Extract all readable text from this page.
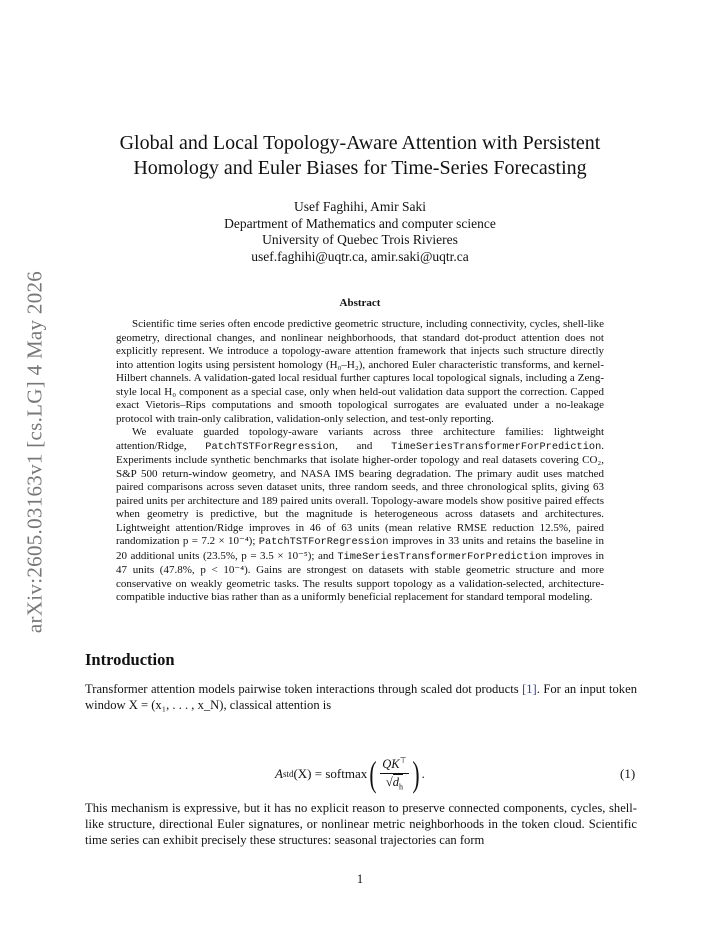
arXiv:2605.03163v1 [cs.LG] 4 May 2026
Global and Local Topology-Aware Attention with Persistent
Homology and Euler Biases for Time-Series Forecasting
Usef Faghihi, Amir Saki
Department of Mathematics and computer science
University of Quebec Trois Rivieres
usef.faghihi@uqtr.ca, amir.saki@uqtr.ca
Abstract

Scientific time series often encode predictive geometric structure, including connectivity, cycles, shell-like geometry, directional changes, and nonlinear neighborhoods, that standard dot-product attention does not explicitly represent. We introduce a topology-aware attention framework that injects such structure directly into attention logits using persistent homology (H₀–H₂), anchored Euler characteristic transforms, and kernel-Hilbert channels. A validation-gated local residual further captures local topological signals, including a Zeng-style local H₀ component as a special case, only when held-out validation data support the correction. Capped exact Vietoris–Rips computations and smooth topological surrogates are evaluated under a no-leakage protocol with train-only calibration, validation-only selection, and test-only reporting.

We evaluate guarded topology-aware variants across three architecture families: lightweight attention/Ridge, PatchTSTForRegression, and TimeSeriesTransformerForPrediction. Experiments include synthetic benchmarks that isolate higher-order topology and real datasets covering CO₂, S&P 500 return-window geometry, and NASA IMS bearing degradation. The primary audit uses matched paired comparisons across seven dataset units, three random seeds, and three chronological splits, giving 63 paired units per architecture and 189 paired units overall. Topology-aware models show positive paired effects when geometry is predictive, but the magnitude is heterogeneous across datasets and architectures. Lightweight attention/Ridge improves in 46 of 63 units (mean relative RMSE reduction 12.5%, paired randomization p = 7.2 × 10⁻⁴); PatchTSTForRegression improves in 33 units and retains the baseline in 20 additional units (23.5%, p = 3.5 × 10⁻⁵); and TimeSeriesTransformerForPrediction improves in 47 units (47.8%, p < 10⁻⁴). Gains are strongest on datasets with stable geometric structure and more conservative on weakly geometric tasks. The results support topology as a validation-selected, architecture-compatible inductive bias rather than as a uniformly beneficial replacement for standard temporal modeling.

Introduction
Transformer attention models pairwise token interactions through scaled dot products [1]. For an input token window X = (x₁, . . . , x_N), classical attention is
A std (X) = softmax ( $\frac{QK^⊤}{√d_h}$ ) .	(1)
This mechanism is expressive, but it has no explicit reason to preserve connected components, cycles, shell-like structure, directional Euler signatures, or nonlinear metric neighborhoods in the token cloud. Scientific time series can exhibit precisely these structures: seasonal trajectories can form
1
